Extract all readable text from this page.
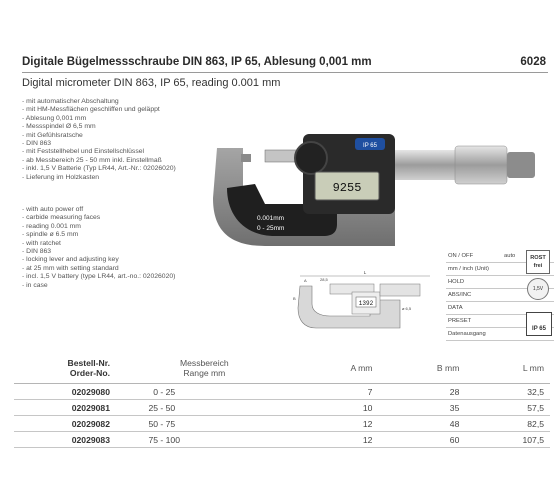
Digitale Bügelmessschraube DIN 863, IP 65, Ablesung 0,001 mm	6028
Digital micrometer DIN 863, IP 65, reading 0.001 mm
- mit automatischer Abschaltung
- mit HM-Messflächen geschliffen und geläppt
- Ablesung 0,001 mm
- Messspindel Ø 6,5 mm
- mit Gefühlsratsche
- DIN 863
- mit Feststellhebel und Einstellschlüssel
- ab Messbereich 25 - 50 mm inkl. Einstellmaß
- inkl. 1,5 V Batterie (Typ LR44, Art.-Nr.: 02026020)
- Lieferung im Holzkasten
- with auto power off
- carbide measuring faces
- reading 0.001 mm
- spindle ø 6.5 mm
- with ratchet
- DIN 863
- locking lever and adjusting key
- at 25 mm with setting standard
- incl. 1,5 V battery (type LR44, art.-no.: 02026020)
- in case
0.001mm
0 - 25mm
9255
IP 65
1392
L
28,5
A
B
ø 6,5
ON / OFF	auto
mm / inch (Unit)
HOLD
ABS/INC
DATA
PRESET
Datenausgang
ROST
frei
1,5V
IP 65
Bestell-Nr.
Order-No.	Messbereich
Range mm	A mm	B mm	L mm
02029080	0 - 25	7	28	32,5
02029081	25 - 50	10	35	57,5
02029082	50 - 75	12	48	82,5
02029083	75 - 100	12	60	107,5
